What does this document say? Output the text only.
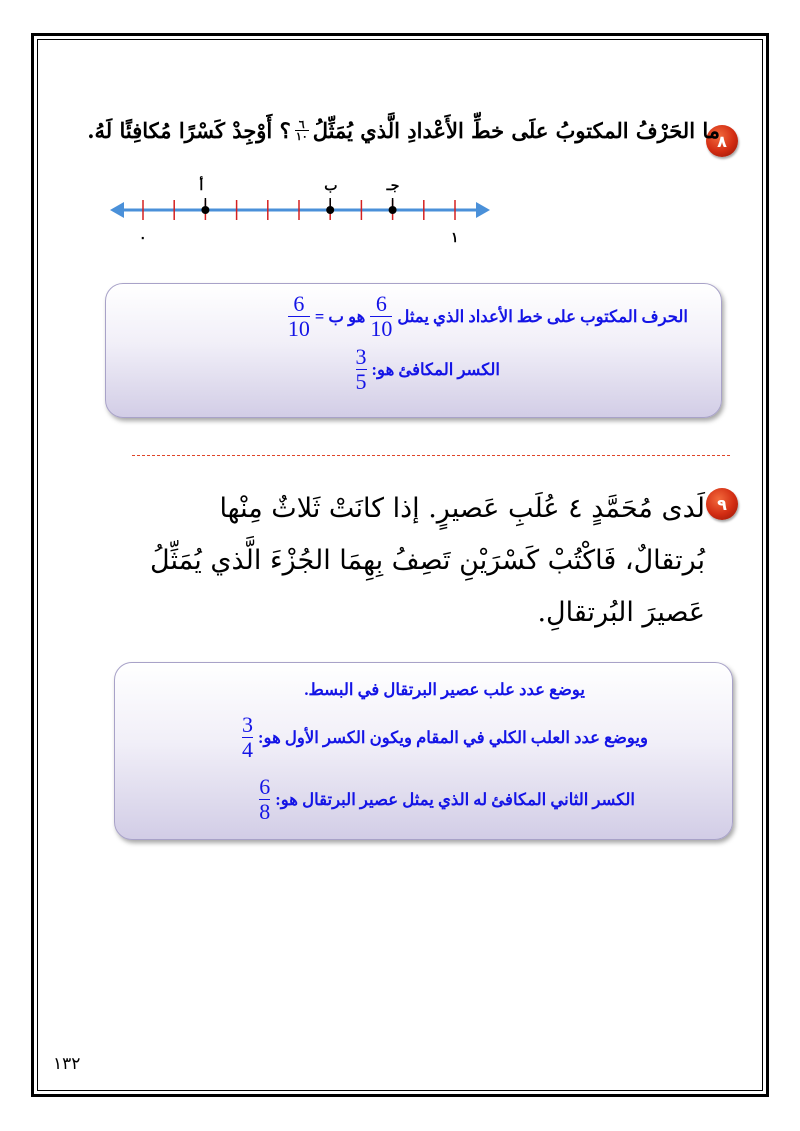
٨
ما الحَرْفُ المكتوبُ علَى خطِّ الأَعْدادِ الَّذي يُمَثِّلُ
$\frac{٦}{١٠}$
؟ أَوْجِدْ كَسْرًا مُكافِئًا لَهُ.
٠	١
أ	ب	جـ
الحرف المكتوب على خط الأعداد الذي يمثل
$\frac{6}{10}$
هو ب =
$\frac{6}{10}$
الكسر المكافئ هو:
$\frac{3}{5}$
٩
لَدى مُحَمَّدٍ ٤ عُلَبِ عَصيرٍ. إذا كانَتْ ثَلاثٌ مِنْها بُرتقالٌ، فَاكْتُبْ كَسْرَيْنِ تَصِفُ بِهِمَا الجُزْءَ الَّذي يُمَثِّلُ عَصيرَ البُرتقالِ.
يوضع عدد علب عصير البرتقال في البسط.
ويوضع عدد العلب الكلي في المقام ويكون الكسر الأول هو:
$\frac{3}{4}$
الكسر الثاني المكافئ له الذي يمثل عصير البرتقال هو:
$\frac{6}{8}$
١٣٢
